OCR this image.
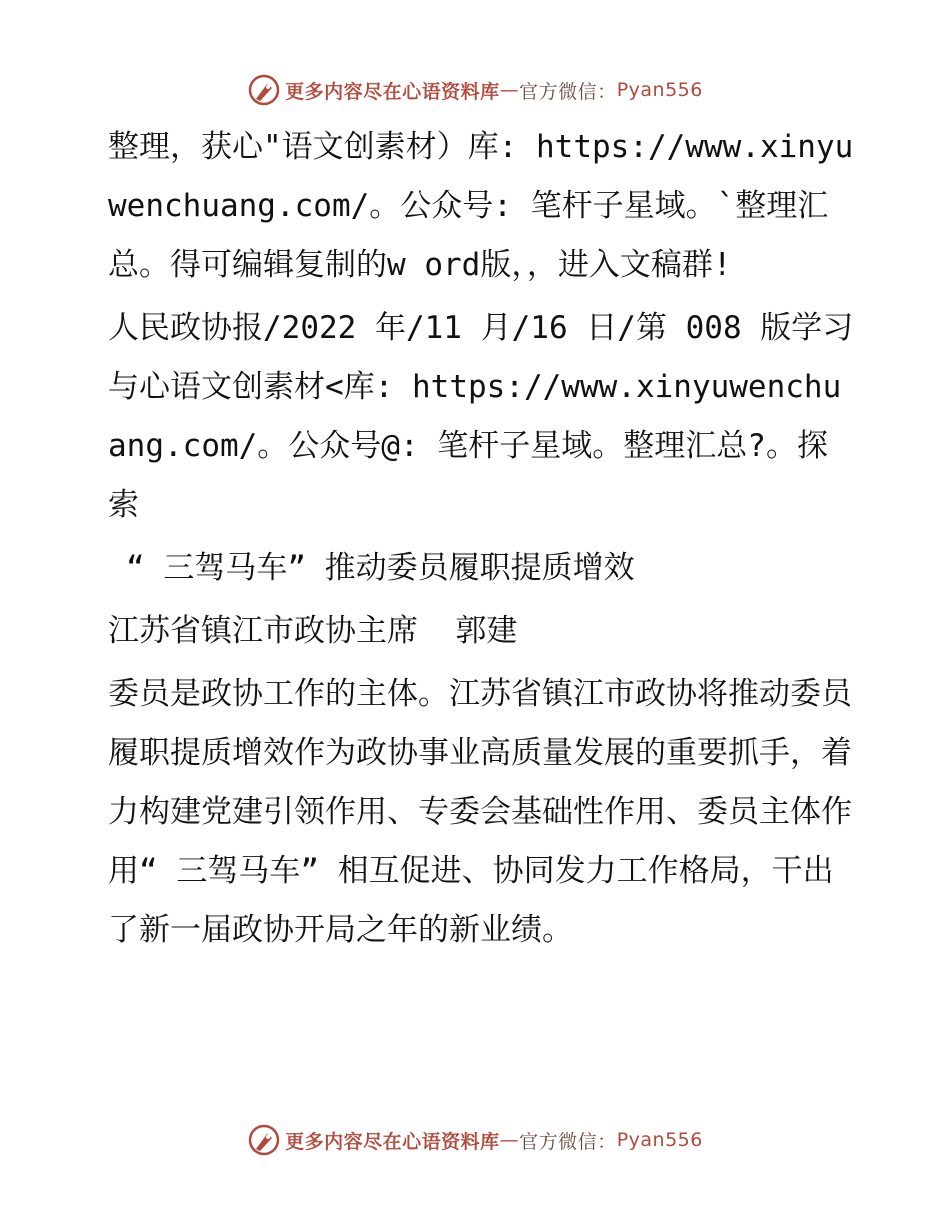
更多内容尽在心语资料库 — 官方微信： Pyan556

整理，获心"语文创素材）库: https://www.xinyuwenchuang.com/。公众号: 笔杆子星域。`整理汇总。得可编辑复制的w ord版，，进入文稿群!

人民政协报/2022 年/11 月/16 日/第 008 版学习与心语文创素材<库: https://www.xinyuwenchuang.com/。公众号@: 笔杆子星域。整理汇总?。探索

“ 三驾马车” 推动委员履职提质增效

江苏省镇江市政协主席  郭建

委员是政协工作的主体。江苏省镇江市政协将推动委员履职提质增效作为政协事业高质量发展的重要抓手，着力构建党建引领作用、专委会基础性作用、委员主体作用“ 三驾马车” 相互促进、协同发力工作格局，干出了新一届政协开局之年的新业绩。

更多内容尽在心语资料库 — 官方微信： Pyan556
